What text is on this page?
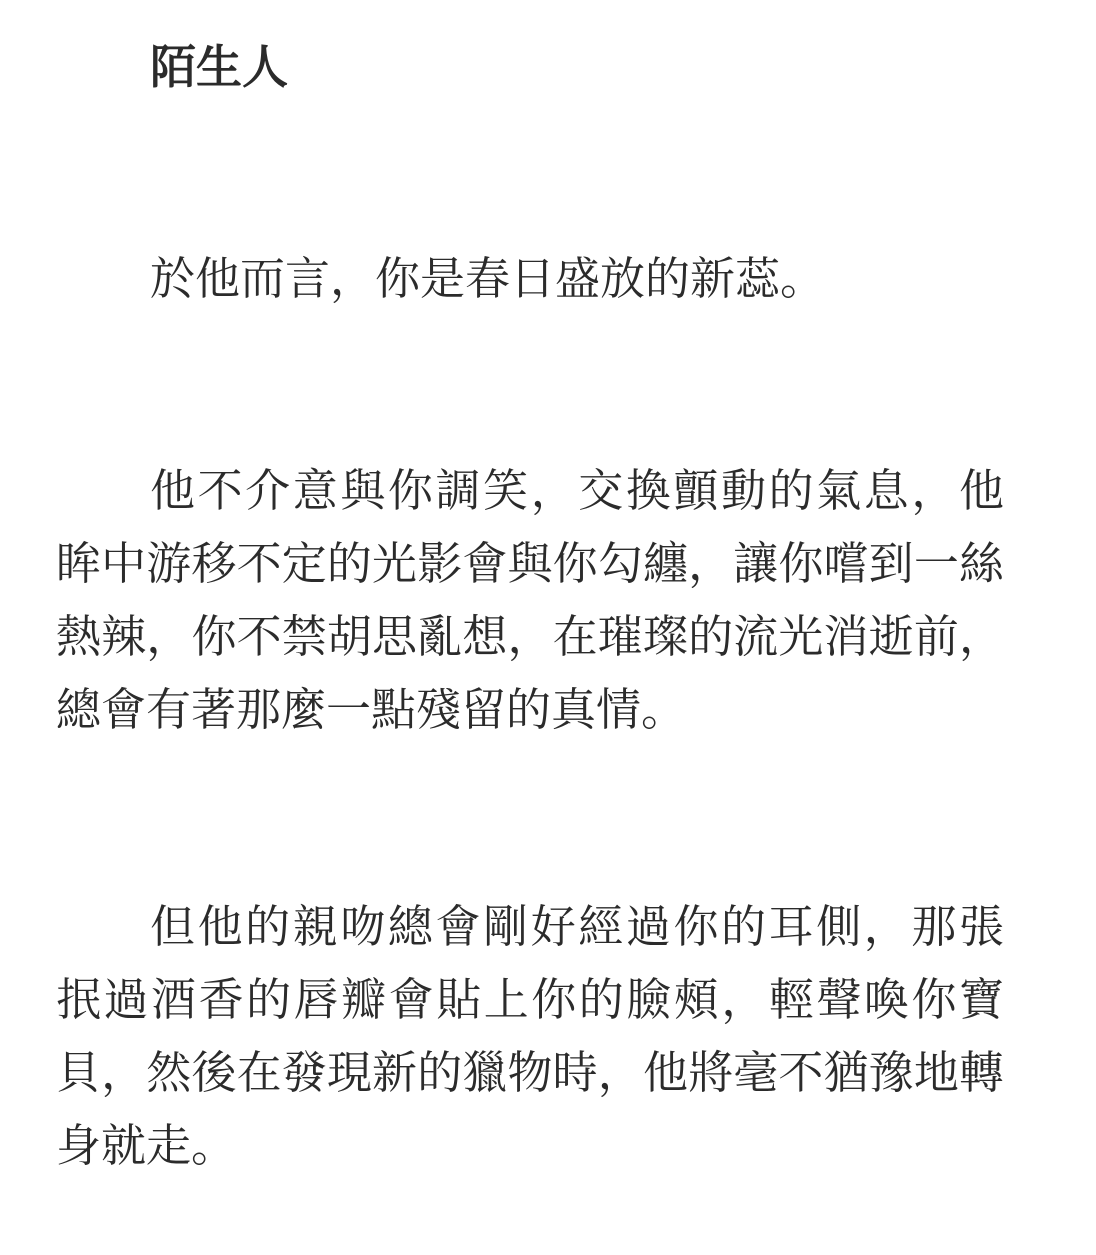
陌生人

於他而言，你是春日盛放的新蕊。

他不介意與你調笑，交換顫動的氣息，他眸中游移不定的光影會與你勾纏，讓你嚐到一絲熱辣，你不禁胡思亂想，在璀璨的流光消逝前，總會有著那麼一點殘留的真情。

但他的親吻總會剛好經過你的耳側，那張抿過酒香的唇瓣會貼上你的臉頰，輕聲喚你寶貝，然後在發現新的獵物時，他將毫不猶豫地轉身就走。
